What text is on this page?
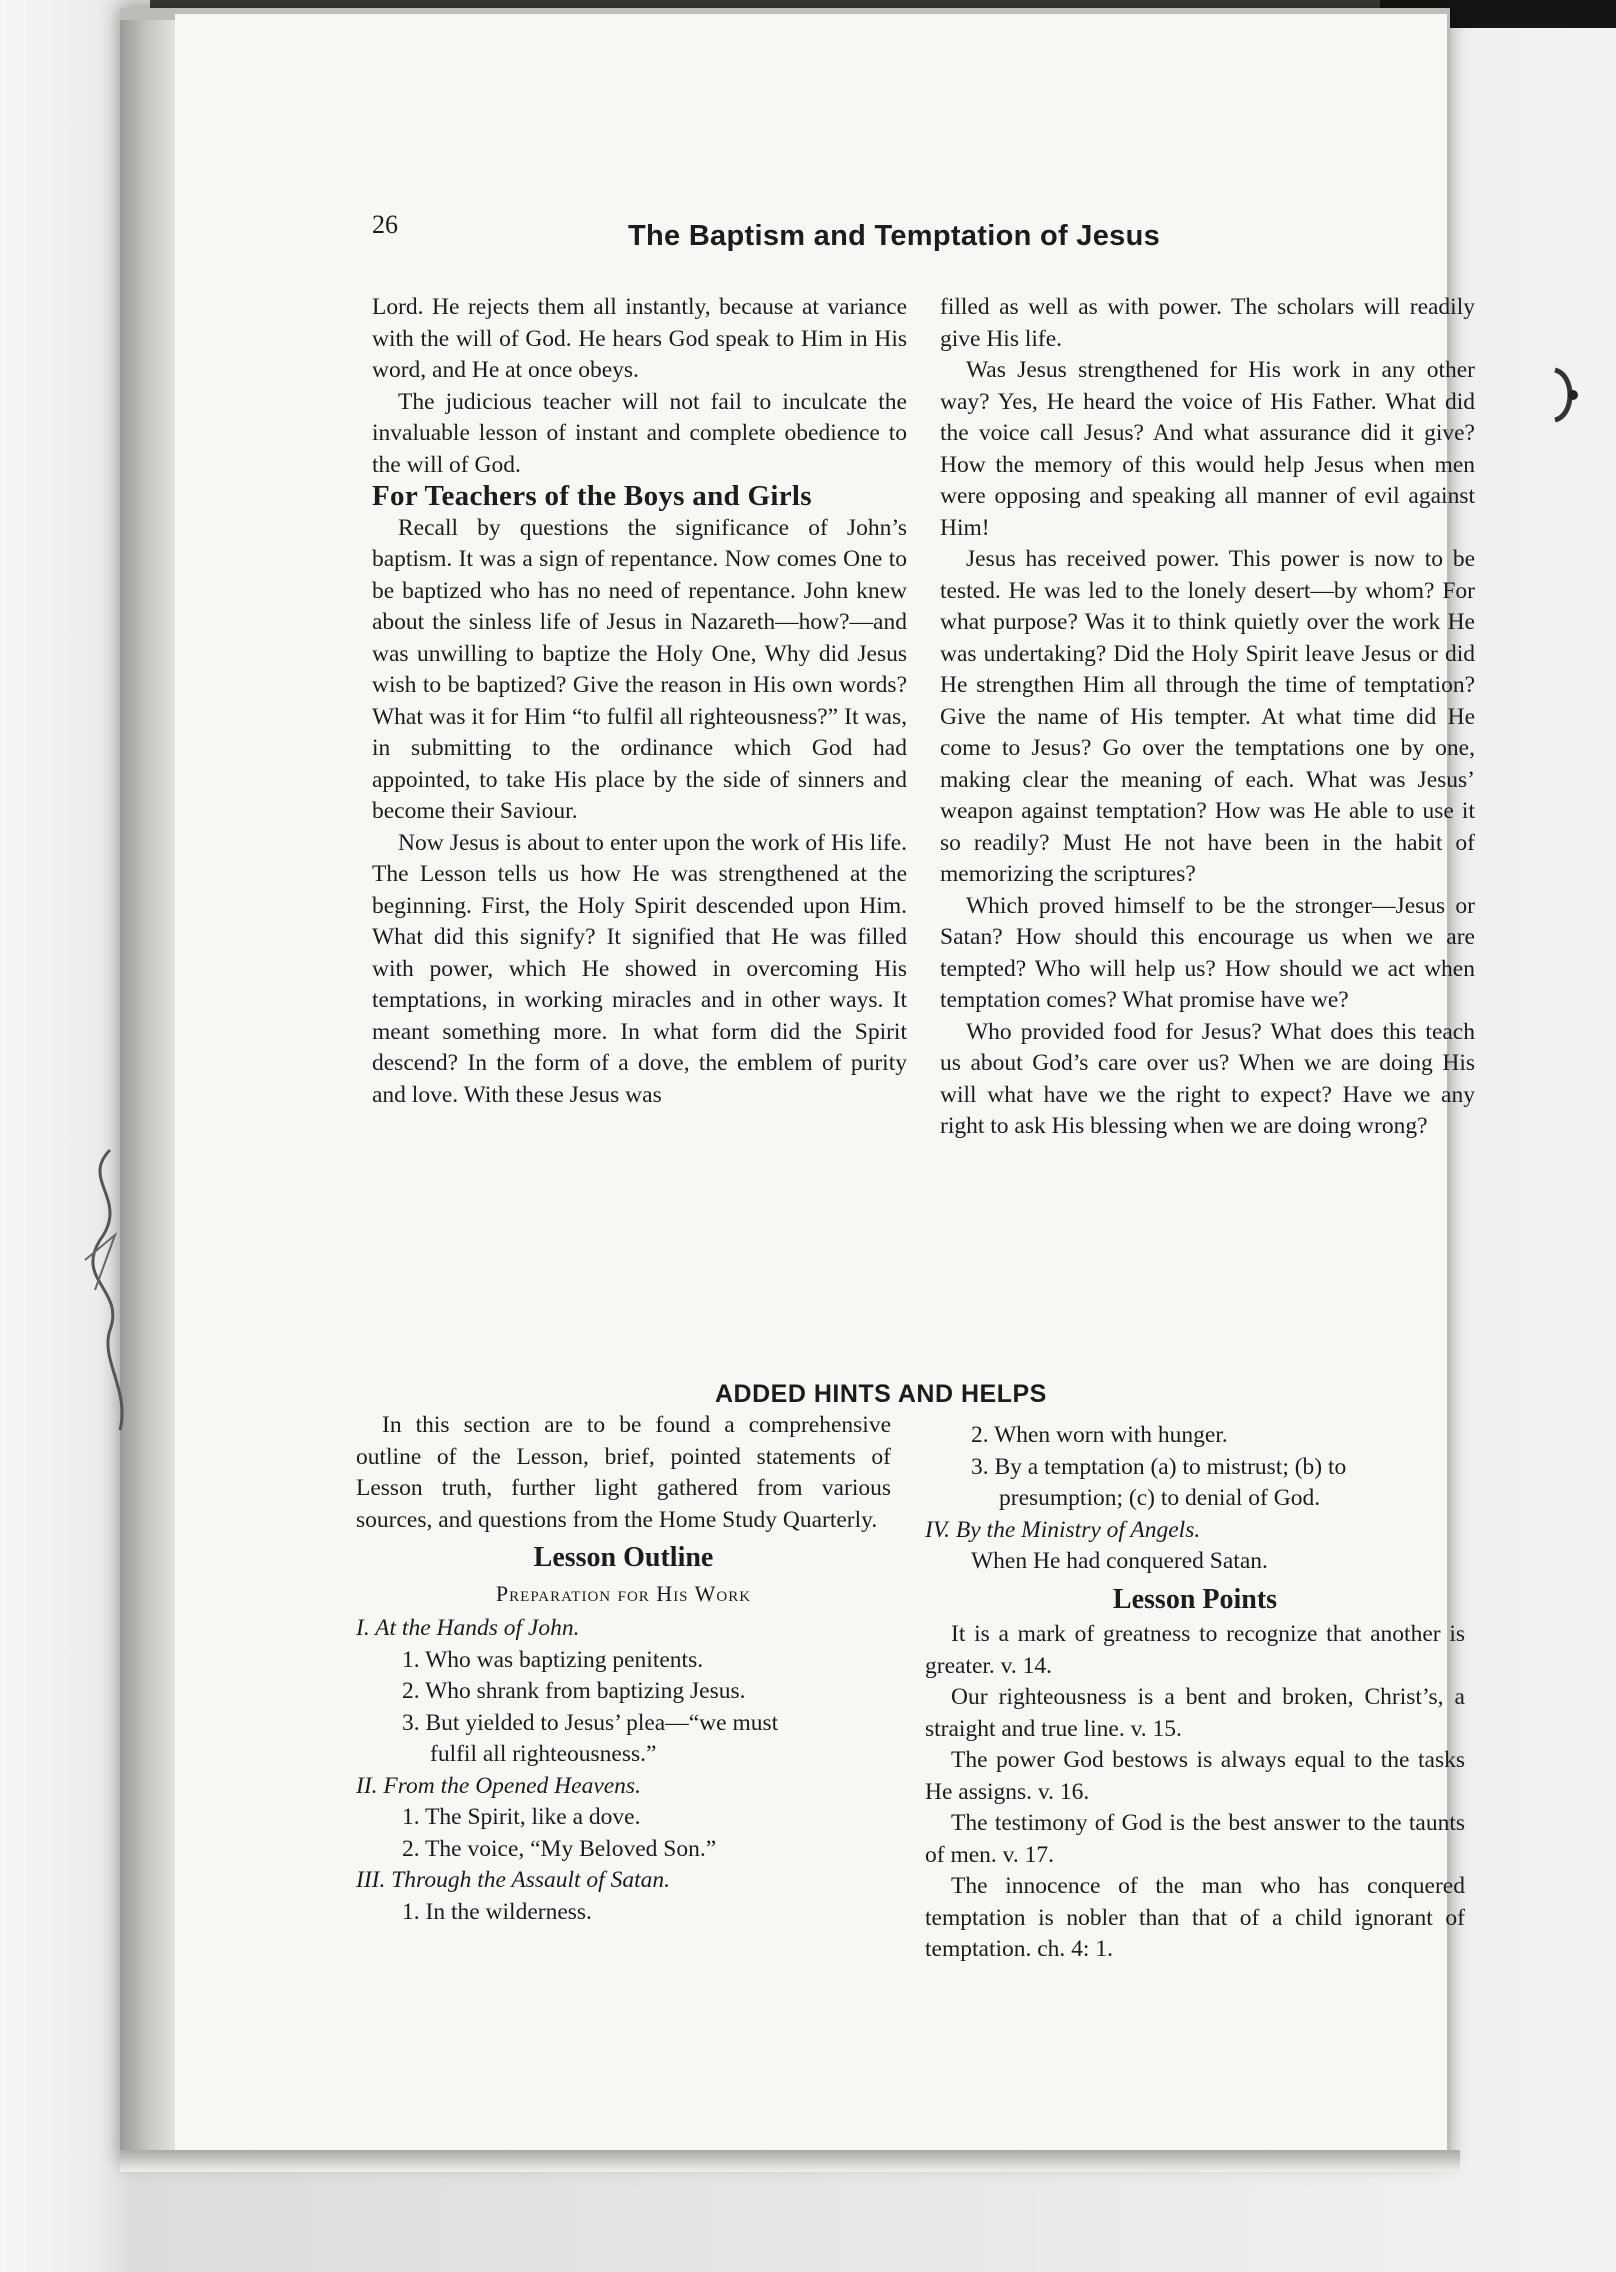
26	The Baptism and Temptation of Jesus

Lord. He rejects them all instantly, because at variance with the will of God. He hears God speak to Him in His word, and He at once obeys.

The judicious teacher will not fail to inculcate the invaluable lesson of instant and complete obedience to the will of God.

For Teachers of the Boys and Girls

Recall by questions the significance of John’s baptism. It was a sign of repentance. Now comes One to be baptized who has no need of repentance. John knew about the sinless life of Jesus in Nazareth—how?—and was unwilling to baptize the Holy One, Why did Jesus wish to be baptized? Give the reason in His own words? What was it for Him “to fulfil all righteousness?” It was, in submitting to the ordinance which God had appointed, to take His place by the side of sinners and become their Saviour.

Now Jesus is about to enter upon the work of His life. The Lesson tells us how He was strengthened at the beginning. First, the Holy Spirit descended upon Him. What did this signify? It signified that He was filled with power, which He showed in overcoming His temptations, in working miracles and in other ways. It meant something more. In what form did the Spirit descend? In the form of a dove, the emblem of purity and love. With these Jesus was

filled as well as with power. The scholars will readily give His life.

Was Jesus strengthened for His work in any other way? Yes, He heard the voice of His Father. What did the voice call Jesus? And what assurance did it give? How the memory of this would help Jesus when men were opposing and speaking all manner of evil against Him!

Jesus has received power. This power is now to be tested. He was led to the lonely desert—by whom? For what purpose? Was it to think quietly over the work He was undertaking? Did the Holy Spirit leave Jesus or did He strengthen Him all through the time of temptation? Give the name of His tempter. At what time did He come to Jesus? Go over the temptations one by one, making clear the meaning of each. What was Jesus’ weapon against temptation? How was He able to use it so readily? Must He not have been in the habit of memorizing the scriptures?

Which proved himself to be the stronger—Jesus or Satan? How should this encourage us when we are tempted? Who will help us? How should we act when temptation comes? What promise have we?

Who provided food for Jesus? What does this teach us about God’s care over us? When we are doing His will what have we the right to expect? Have we any right to ask His blessing when we are doing wrong?

ADDED HINTS AND HELPS

In this section are to be found a comprehensive outline of the Lesson, brief, pointed statements of Lesson truth, further light gathered from various sources, and questions from the Home Study Quarterly.

Lesson Outline
Preparation for His Work

I. At the Hands of John.

1. Who was baptizing penitents.

2. Who shrank from baptizing Jesus.

3. But yielded to Jesus’ plea—“we must

fulfil all righteousness.”

II. From the Opened Heavens.

1. The Spirit, like a dove.

2. The voice, “My Beloved Son.”

III. Through the Assault of Satan.

1. In the wilderness.

2. When worn with hunger.

3. By a temptation (a) to mistrust; (b) to

presumption; (c) to denial of God.

IV. By the Ministry of Angels.

When He had conquered Satan.

Lesson Points

It is a mark of greatness to recognize that another is greater. v. 14.

Our righteousness is a bent and broken, Christ’s, a straight and true line. v. 15.

The power God bestows is always equal to the tasks He assigns. v. 16.

The testimony of God is the best answer to the taunts of men. v. 17.

The innocence of the man who has conquered temptation is nobler than that of a child ignorant of temptation. ch. 4: 1.
